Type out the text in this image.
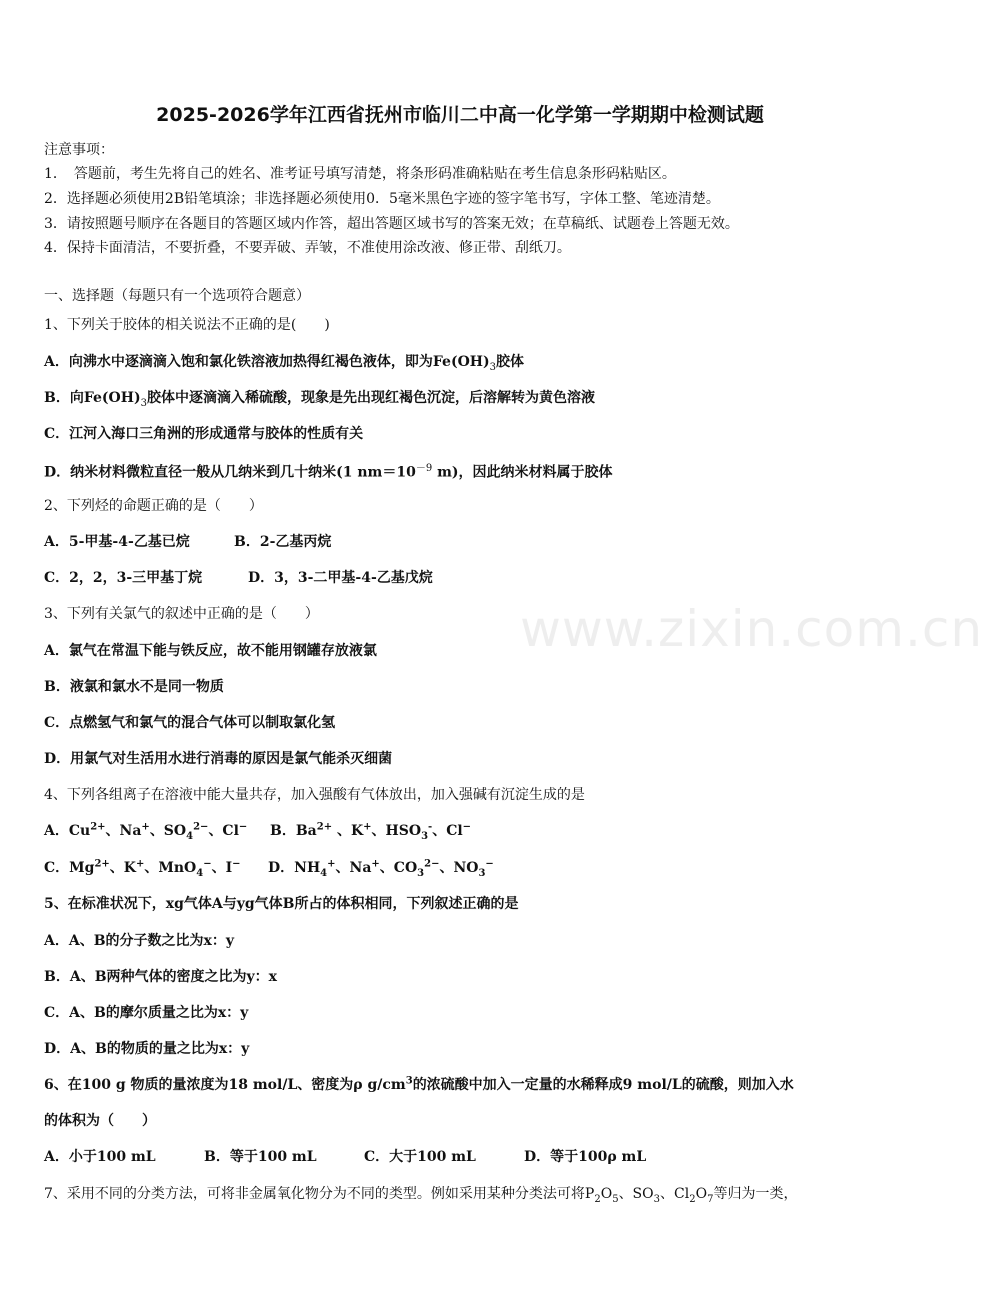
www.zixin.com.cn
2025-2026学年江西省抚州市临川二中高一化学第一学期期中检测试题
注意事项：
1．　答题前，考生先将自己的姓名、准考证号填写清楚，将条形码准确粘贴在考生信息条形码粘贴区。
2．选择题必须使用2B铅笔填涂；非选择题必须使用0．5毫米黑色字迹的签字笔书写，字体工整、笔迹清楚。
3．请按照题号顺序在各题目的答题区域内作答，超出答题区域书写的答案无效；在草稿纸、试题卷上答题无效。
4．保持卡面清洁，不要折叠，不要弄破、弄皱，不准使用涂改液、修正带、刮纸刀。
一、选择题（每题只有一个选项符合题意）
1、下列关于胶体的相关说法不正确的是(　　)
A．向沸水中逐滴滴入饱和氯化铁溶液加热得红褐色液体，即为$Fe(OH)_3$胶体
B．向$Fe(OH)_3$胶体中逐滴滴入稀硫酸，现象是先出现红褐色沉淀，后溶解转为黄色溶液
C．江河入海口三角洲的形成通常与胶体的性质有关
D．纳米材料微粒直径一般从几纳米到几十纳米(1 $nm=10^{-9}$ m)，因此纳米材料属于胶体
2、下列烃的命题正确的是（　　）
A．5-甲基-4-乙基已烷	B．2-乙基丙烷
C．2，2，3-三甲基丁烷	D．3，3-二甲基-4-乙基戊烷
3、下列有关氯气的叙述中正确的是（　　）
A．氯气在常温下能与铁反应，故不能用钢罐存放液氯
B．液氯和氯水不是同一物质
C．点燃氢气和氯气的混合气体可以制取氯化氢
D．用氯气对生活用水进行消毒的原因是氯气能杀灭细菌
4、下列各组离子在溶液中能大量共存，加入强酸有气体放出，加入强碱有沉淀生成的是
A．$Cu^{2+}$、Na+、$SO_4^{2-}$、Cl− B．$Ba^{2+}$ 、K+、$HSO_3^-$、Cl−
C．$Mg^{2+}$、K+、MnO$_4$−、I− D．$NH_4^+$、Na+、$CO_3^{2-}$、$NO_3^-$
5、在标准状况下，xg气体A与yg气体B所占的体积相同，下列叙述正确的是
A．A、B的分子数之比为x：y
B．A、B两种气体的密度之比为y：x
C．A、B的摩尔质量之比为x：y
D．A、B的物质的量之比为x：y
6、在100 g 物质的量浓度为18 mol/L、密度为ρ $g/cm^3$的浓硫酸中加入一定量的水稀释成9 mol/L的硫酸，则加入水
的体积为（　　）
A．小于100 mL	B．等于100 mL	C．大于100 mL	D．等于100ρ mL
7、采用不同的分类方法，可将非金属氧化物分为不同的类型。例如采用某种分类法可将$P_2O_5$、$SO_3$、$Cl_2O_7$等归为一类，
